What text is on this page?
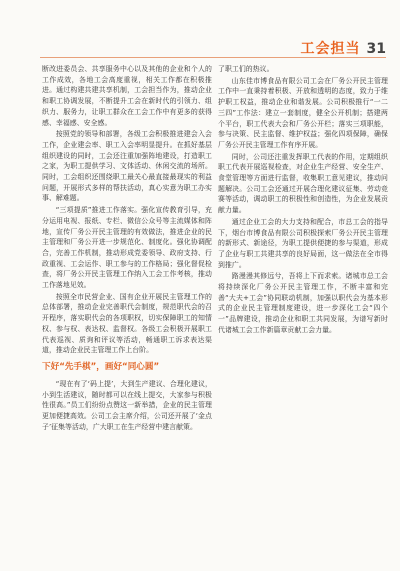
工会担当 31

断改进委员会、共享服务中心以及其他的企业和个人的工作成效，各地工会高度重视，相关工作都在积极推进。通过构建共建共享机制，工会担当作为，推动企业和职工协调发展，不断提升工会在新时代的引领力、组织力、服务力，让职工群众在工会工作中有更多的获得感、幸福感、安全感。

按照党的领导和部署，各级工会积极推进建会入会工作，企业建会率、职工入会率明显提升。在抓好基层组织建设的同时，工会还注重加强阵地建设，打造职工之家，为职工提供学习、文体活动、休闲交流的场所。同时，工会组织还围绕职工最关心最直接最现实的利益问题，开展形式多样的帮扶活动，真心实意为职工办实事、解难题。

“三项提质”推进工作落实。强化宣传教育引导，充分运用电视、报纸、专栏、微信公众号等主流媒体和阵地，宣传厂务公开民主管理的有效做法，推进企业的民主管理和厂务公开进一步规范化、制度化。强化协调配合，完善工作机制，推动形成党委领导、政府支持、行政重视、工会运作、职工参与的工作格局；强化督促检查，将厂务公开民主管理工作纳入工会工作考核，推动工作落地见效。

按照全市民营企业、国有企业开展民主管理工作的总体部署，推动企业完善职代会制度，规范职代会的召开程序，落实职代会的各项职权，切实保障职工的知情权、参与权、表达权、监督权。各级工会积极开展职工代表巡视、质询和评议等活动，畅通职工诉求表达渠道，推动企业民主管理工作上台阶。

下好“先手棋”，画好“同心圆”

“现在有了‘码上提’，大到生产建议、合理化建议，小到生活建议，随时都可以在线上提交，大家参与积极性很高。”员工们纷纷点赞这一新举措，企业的民主管理更加便捷高效。公司工会主席介绍，公司还开展了‘金点子’征集等活动，广大职工在生产经营中建言献策。

了职工们的热议。

山东佳市博食品有限公司工会在厂务公开民主管理工作中一直秉持着积极、开放和透明的态度，致力于维护职工权益，推动企业和谐发展。公司积极推行“一二三四”工作法：建立一套制度，健全公开机制；搭建两个平台，职工代表大会和厂务公开栏；落实三项职能，参与决策、民主监督、维护权益；强化四项保障，确保厂务公开民主管理工作有序开展。

同时，公司还注重发挥职工代表的作用，定期组织职工代表开展巡视检查，对企业生产经营、安全生产、食堂管理等方面进行监督，收集职工意见建议，推动问题解决。公司工会还通过开展合理化建议征集、劳动竞赛等活动，调动职工的积极性和创造性，为企业发展贡献力量。

通过企业工会的大力支持和配合，市总工会的指导下，烟台市博食品有限公司积极探索厂务公开民主管理的新形式、新途径，为职工提供便捷的参与渠道，形成了企业与职工共建共享的良好局面，这一做法在全市得到推广。

路漫漫其修远兮，吾将上下而求索。诸城市总工会将持续深化厂务公开民主管理工作，不断丰富和完善“大夫+工会”协同联动机制，加强以职代会为基本形式的企业民主管理制度建设，进一步深化工会“四个一”品牌建设，推动企业和职工共同发展，为谱写新时代诸城工会工作新篇章贡献工会力量。
